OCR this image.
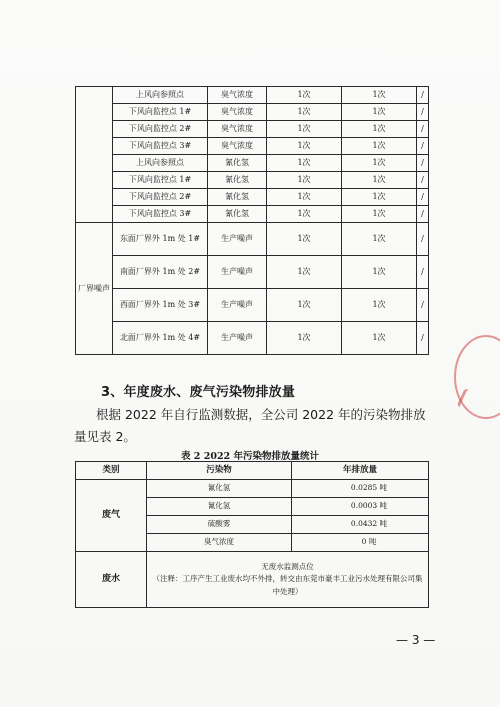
	上风向参照点	臭气浓度	1次	1次	/
	下风向监控点 1#	臭气浓度	1次	1次	/
	下风向监控点 2#	臭气浓度	1次	1次	/
	下风向监控点 3#	臭气浓度	1次	1次	/
	上风向参照点	氰化氢	1次	1次	/
	下风向监控点 1#	氰化氢	1次	1次	/
	下风向监控点 2#	氰化氢	1次	1次	/
	下风向监控点 3#	氰化氢	1次	1次	/
厂界噪声	东面厂界外 1m 处 1#	生产噪声	1次	1次	/
	南面厂界外 1m 处 2#	生产噪声	1次	1次	/
	西面厂界外 1m 处 3#	生产噪声	1次	1次	/
	北面厂界外 1m 处 4#	生产噪声	1次	1次	/
3、年度废水、废气污染物排放量
根据 2022 年自行监测数据，全公司 2022 年的污染物排放量见表 2。
表 2 2022 年污染物排放量统计
类别	污染物	年排放量
废气	氰化氢	0.0285 吨
	氰化氢	0.0003 吨
	硫酸雾	0.0432 吨
	臭气浓度	0 吨
废水	无废水监测点位
（注释：工序产生工业废水均不外排，转交由东莞市豪丰工业污水处理有限公司集中处理）	
— 3 —
